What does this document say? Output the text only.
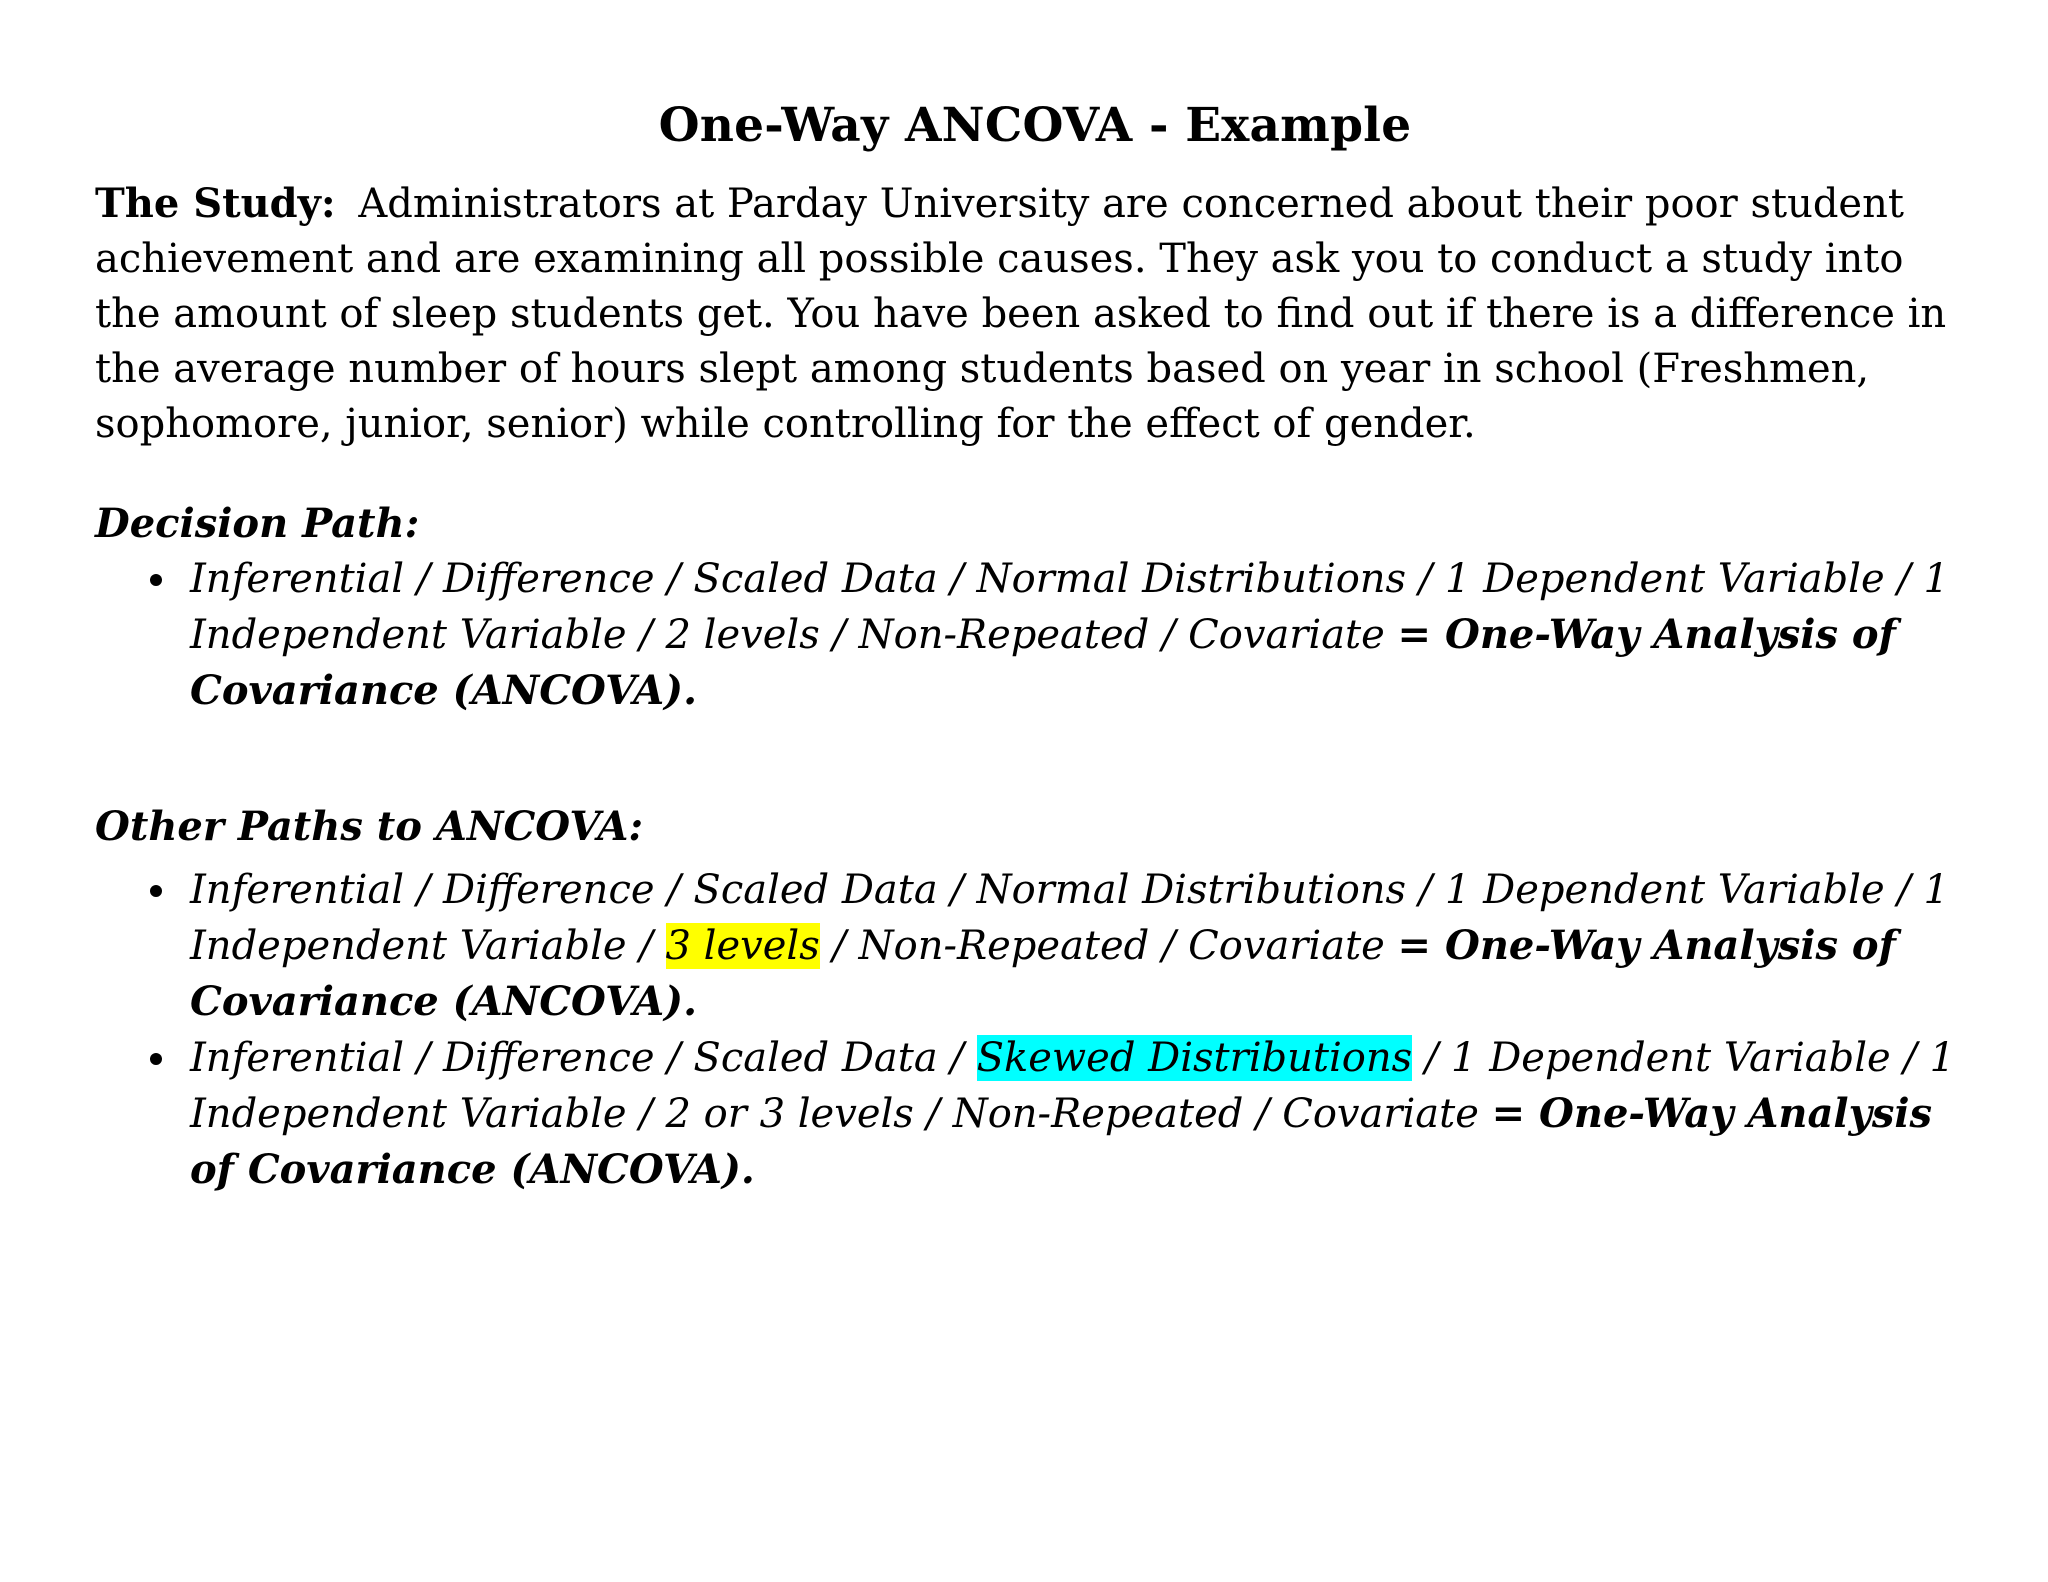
One-Way ANCOVA - Example

The Study: Administrators at Parday University are concerned about their poor student achievement and are examining all possible causes. They ask you to conduct a study into the amount of sleep students get. You have been asked to find out if there is a difference in the average number of hours slept among students based on year in school (Freshmen, sophomore, junior, senior) while controlling for the effect of gender.

Decision Path:

Inferential / Difference / Scaled Data / Normal Distributions / 1 Dependent Variable / 1 Independent Variable / 2 levels / Non-Repeated / Covariate = One-Way Analysis of Covariance (ANCOVA).

Other Paths to ANCOVA:

Inferential / Difference / Scaled Data / Normal Distributions / 1 Dependent Variable / 1 Independent Variable / 3 levels / Non-Repeated / Covariate = One-Way Analysis of Covariance (ANCOVA).
Inferential / Difference / Scaled Data / Skewed Distributions / 1 Dependent Variable / 1 Independent Variable / 2 or 3 levels / Non-Repeated / Covariate = One-Way Analysis of Covariance (ANCOVA).
